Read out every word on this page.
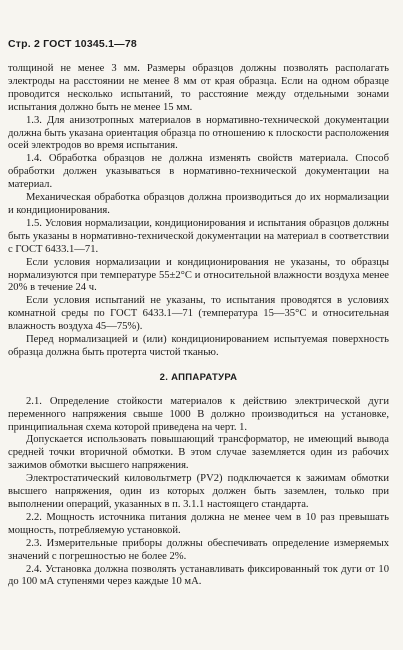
Стр. 2 ГОСТ 10345.1—78

толщиной не менее 3 мм. Размеры образцов должны позволять располагать электроды на расстоянии не менее 8 мм от края образца. Если на одном образце проводится несколько испытаний, то расстояние между отдельными зонами испытания должно быть не менее 15 мм.

1.3. Для анизотропных материалов в нормативно-технической документации должна быть указана ориентация образца по отношению к плоскости расположения осей электродов во время испытания.

1.4. Обработка образцов не должна изменять свойств материала. Способ обработки должен указываться в нормативно-технической документации на материал.

Механическая обработка образцов должна производиться до их нормализации и кондиционирования.

1.5. Условия нормализации, кондиционирования и испытания образцов должны быть указаны в нормативно-технической документации на материал в соответствии с ГОСТ 6433.1—71.

Если условия нормализации и кондиционирования не указаны, то образцы нормализуются при температуре 55±2°С и относительной влажности воздуха менее 20% в течение 24 ч.

Если условия испытаний не указаны, то испытания проводятся в условиях комнатной среды по ГОСТ 6433.1—71 (температура 15—35°С и относительная влажность воздуха 45—75%).

Перед нормализацией и (или) кондиционированием испытуемая поверхность образца должна быть протерта чистой тканью.

2. АППАРАТУРА

2.1. Определение стойкости материалов к действию электрической дуги переменного напряжения свыше 1000 В должно производиться на установке, принципиальная схема которой приведена на черт. 1.

Допускается использовать повышающий трансформатор, не имеющий вывода средней точки вторичной обмотки. В этом случае заземляется один из рабочих зажимов обмотки высшего напряжения.

Электростатический киловольтметр (PV2) подключается к зажимам обмотки высшего напряжения, один из которых должен быть заземлен, только при выполнении операций, указанных в п. 3.1.1 настоящего стандарта.

2.2. Мощность источника питания должна не менее чем в 10 раз превышать мощность, потребляемую установкой.

2.3. Измерительные приборы должны обеспечивать определение измеряемых значений с погрешностью не более 2%.

2.4. Установка должна позволять устанавливать фиксированный ток дуги от 10 до 100 мА ступенями через каждые 10 мА.
